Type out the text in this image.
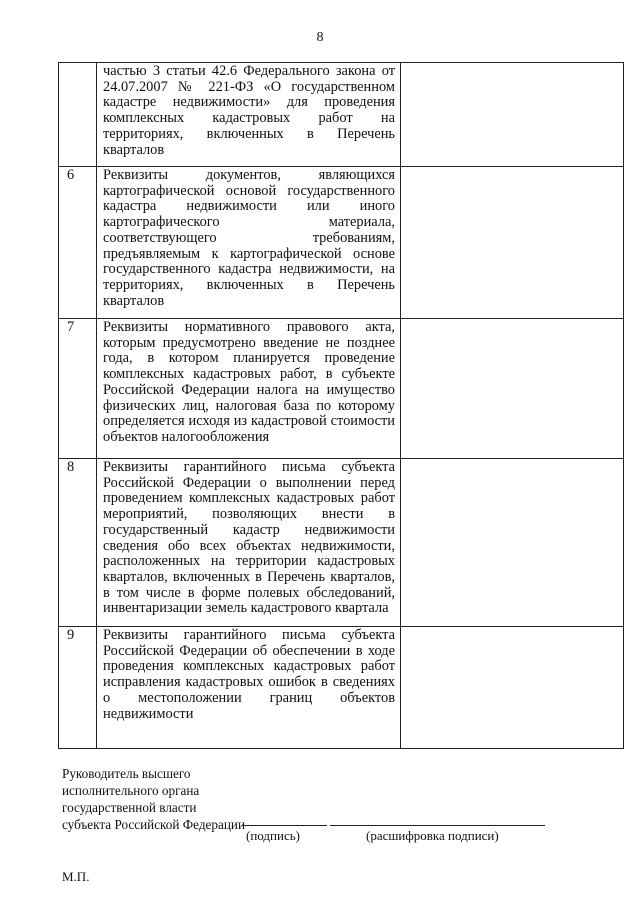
8
	частью 3 статьи 42.6 Федерального закона от 24.07.2007 № 221-ФЗ «О государственном кадастре недвижимости» для проведения комплексных кадастровых работ на территориях, включенных в Перечень кварталов	
6	Реквизиты документов, являющихся картографической основой государственного кадастра недвижимости или иного картографического материала, соответствующего требованиям, предъявляемым к картографической основе государственного кадастра недвижимости, на территориях, включенных в Перечень кварталов	
7	Реквизиты нормативного правового акта, которым предусмотрено введение не позднее года, в котором планируется проведение комплексных кадастровых работ, в субъекте Российской Федерации налога на имущество физических лиц, налоговая база по которому определяется исходя из кадастровой стоимости объектов налогообложения	
8	Реквизиты гарантийного письма субъекта Российской Федерации о выполнении перед проведением комплексных кадастровых работ мероприятий, позволяющих внести в государственный кадастр недвижимости сведения обо всех объектах недвижимости, расположенных на территории кадастровых кварталов, включенных в Перечень кварталов, в том числе в форме полевых обследований, инвентаризации земель кадастрового квартала	
9	Реквизиты гарантийного письма субъекта Российской Федерации об обеспечении в ходе проведения комплексных кадастровых работ исправления кадастровых ошибок в сведениях о местоположении границ объектов недвижимости	
Руководитель высшего
исполнительного органа
государственной власти
субъекта Российской Федерации
(подпись)	(расшифровка подписи)
М.П.
